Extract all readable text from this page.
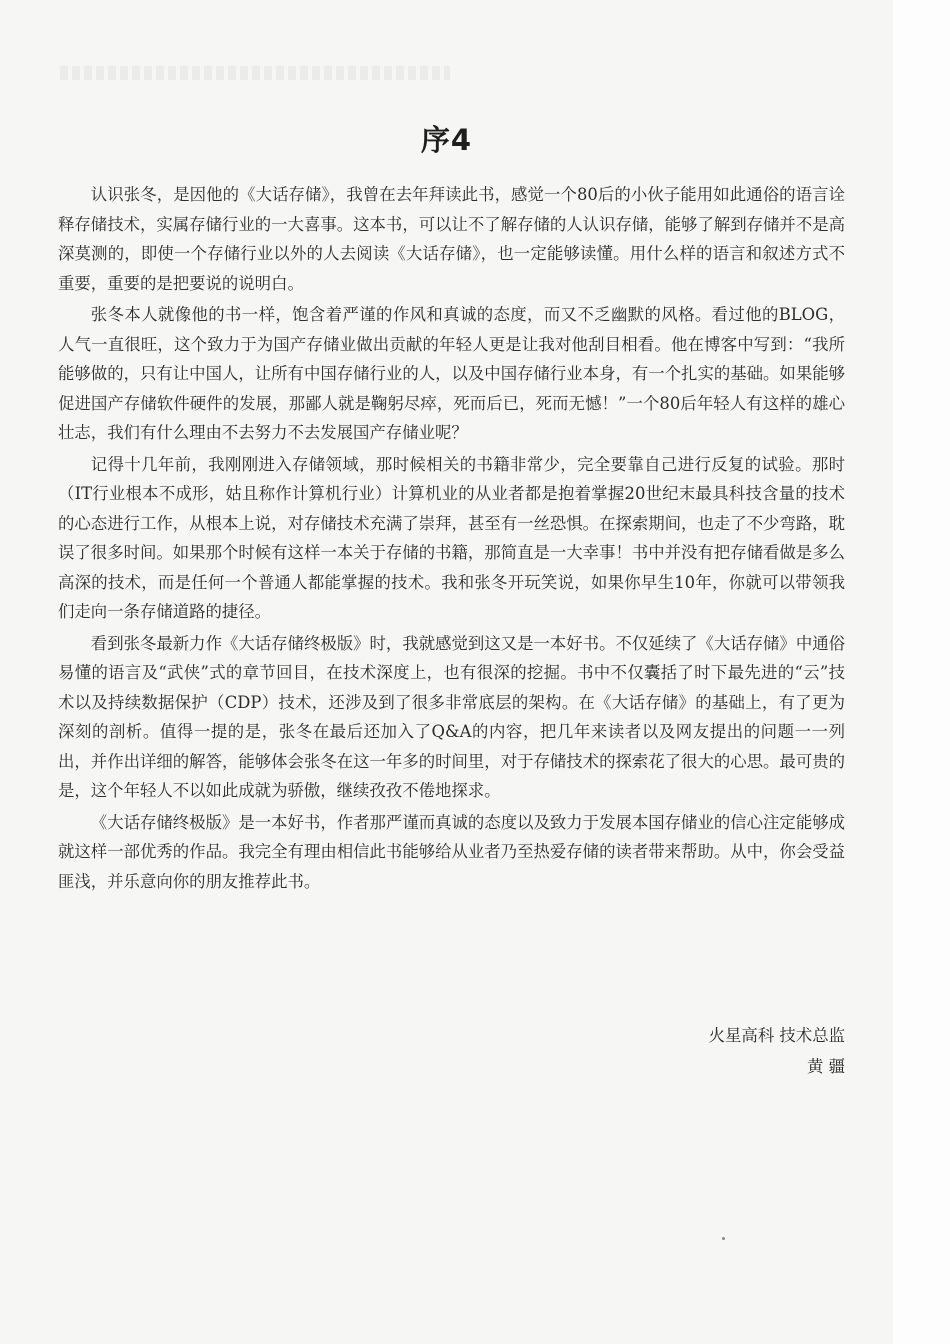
序4

认识张冬，是因他的《大话存储》，我曾在去年拜读此书，感觉一个80后的小伙子能用如此通俗的语言诠释存储技术，实属存储行业的一大喜事。这本书，可以让不了解存储的人认识存储，能够了解到存储并不是高深莫测的，即使一个存储行业以外的人去阅读《大话存储》，也一定能够读懂。用什么样的语言和叙述方式不重要，重要的是把要说的说明白。

张冬本人就像他的书一样，饱含着严谨的作风和真诚的态度，而又不乏幽默的风格。看过他的BLOG，人气一直很旺，这个致力于为国产存储业做出贡献的年轻人更是让我对他刮目相看。他在博客中写到：“我所能够做的，只有让中国人，让所有中国存储行业的人，以及中国存储行业本身，有一个扎实的基础。如果能够促进国产存储软件硬件的发展，那鄙人就是鞠躬尽瘁，死而后已，死而无憾！”一个80后年轻人有这样的雄心壮志，我们有什么理由不去努力不去发展国产存储业呢？

记得十几年前，我刚刚进入存储领域，那时候相关的书籍非常少，完全要靠自己进行反复的试验。那时（IT行业根本不成形，姑且称作计算机行业）计算机业的从业者都是抱着掌握20世纪末最具科技含量的技术的心态进行工作，从根本上说，对存储技术充满了崇拜，甚至有一丝恐惧。在探索期间，也走了不少弯路，耽误了很多时间。如果那个时候有这样一本关于存储的书籍，那简直是一大幸事！书中并没有把存储看做是多么高深的技术，而是任何一个普通人都能掌握的技术。我和张冬开玩笑说，如果你早生10年，你就可以带领我们走向一条存储道路的捷径。

看到张冬最新力作《大话存储终极版》时，我就感觉到这又是一本好书。不仅延续了《大话存储》中通俗易懂的语言及“武侠”式的章节回目，在技术深度上，也有很深的挖掘。书中不仅囊括了时下最先进的“云”技术以及持续数据保护（CDP）技术，还涉及到了很多非常底层的架构。在《大话存储》的基础上，有了更为深刻的剖析。值得一提的是，张冬在最后还加入了Q&A的内容，把几年来读者以及网友提出的问题一一列出，并作出详细的解答，能够体会张冬在这一年多的时间里，对于存储技术的探索花了很大的心思。最可贵的是，这个年轻人不以如此成就为骄傲，继续孜孜不倦地探求。

《大话存储终极版》是一本好书，作者那严谨而真诚的态度以及致力于发展本国存储业的信心注定能够成就这样一部优秀的作品。我完全有理由相信此书能够给从业者乃至热爱存储的读者带来帮助。从中，你会受益匪浅，并乐意向你的朋友推荐此书。

火星高科 技术总监
黄 疆
